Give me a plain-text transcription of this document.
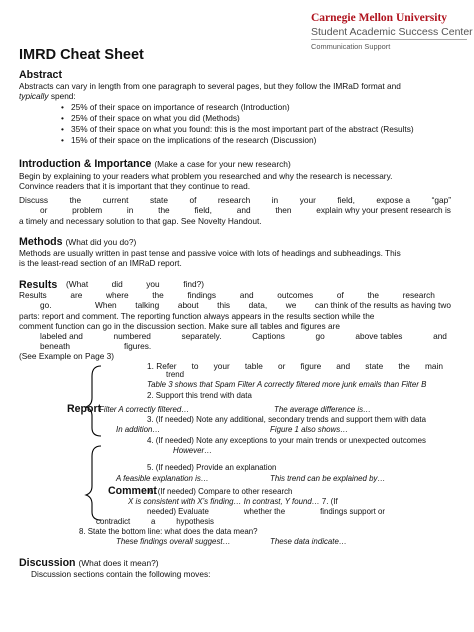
Carnegie Mellon University
Student Academic Success Center
Communication Support
IMRD Cheat Sheet
Abstract
Abstracts can vary in length from one paragraph to several pages, but they follow the IMRaD format and
typically spend:
• 25% of their space on importance of research (Introduction)
• 25% of their space on what you did (Methods)
• 35% of their space on what you found: this is the most important part of the abstract (Results)
• 15% of their space on the implications of the research (Discussion)
Introduction & Importance (Make a case for your new research)
Begin by explaining to your readers what problem you researched and why the research is necessary.
Convince readers that it is important that they continue to read.
Discuss	the	current	state	of	research	in	your	field,	expose a	“gap”
or	problem	in	the	field,	and	then	explain why your present research is
a timely and necessary solution to that gap. See Novelty Handout.
Methods (What did you do?)
Methods are usually written in past tense and passive voice with lots of headings and subheadings. This
is the least-read section of an IMRaD report.
Results (What	did	you	find?)
Results	are	where	the	findings	and	outcomes	of	the	research
go.	When talking about this data, we can think of the results as having two
parts: report and comment. The reporting function always appears in the results section while the
comment function can go in the discussion section. Make sure all tables and figures are
labeled and	numbered	separately.	Captions	go	above tables	and
beneath	figures.
(See Example on Page 3)
Report
1. Refer to your table or figure and state the main
trend
Table 3 shows that Spam Filter A correctly filtered more junk emails than Filter B
2. Support this trend with data
Filter A correctly filtered…	The average difference is…
3. (If needed) Note any additional, secondary trends and support them with data
In addition…	Figure 1 also shows…
4. (If needed) Note any exceptions to your main trends or unexpected outcomes
However…
5. (If needed) Provide an explanation
A feasible explanation is…	This trend can be explained by…
Comment
6. (If needed) Compare to other research
X is consistent with X’s finding… In contrast, Y found… 7. (If
needed) Evaluate	whether the	findings support or
contradict	a	hypothesis
8. State the bottom line: what does the data mean?
These findings overall suggest…	These data indicate…
Discussion (What does it mean?)
Discussion sections contain the following moves:
